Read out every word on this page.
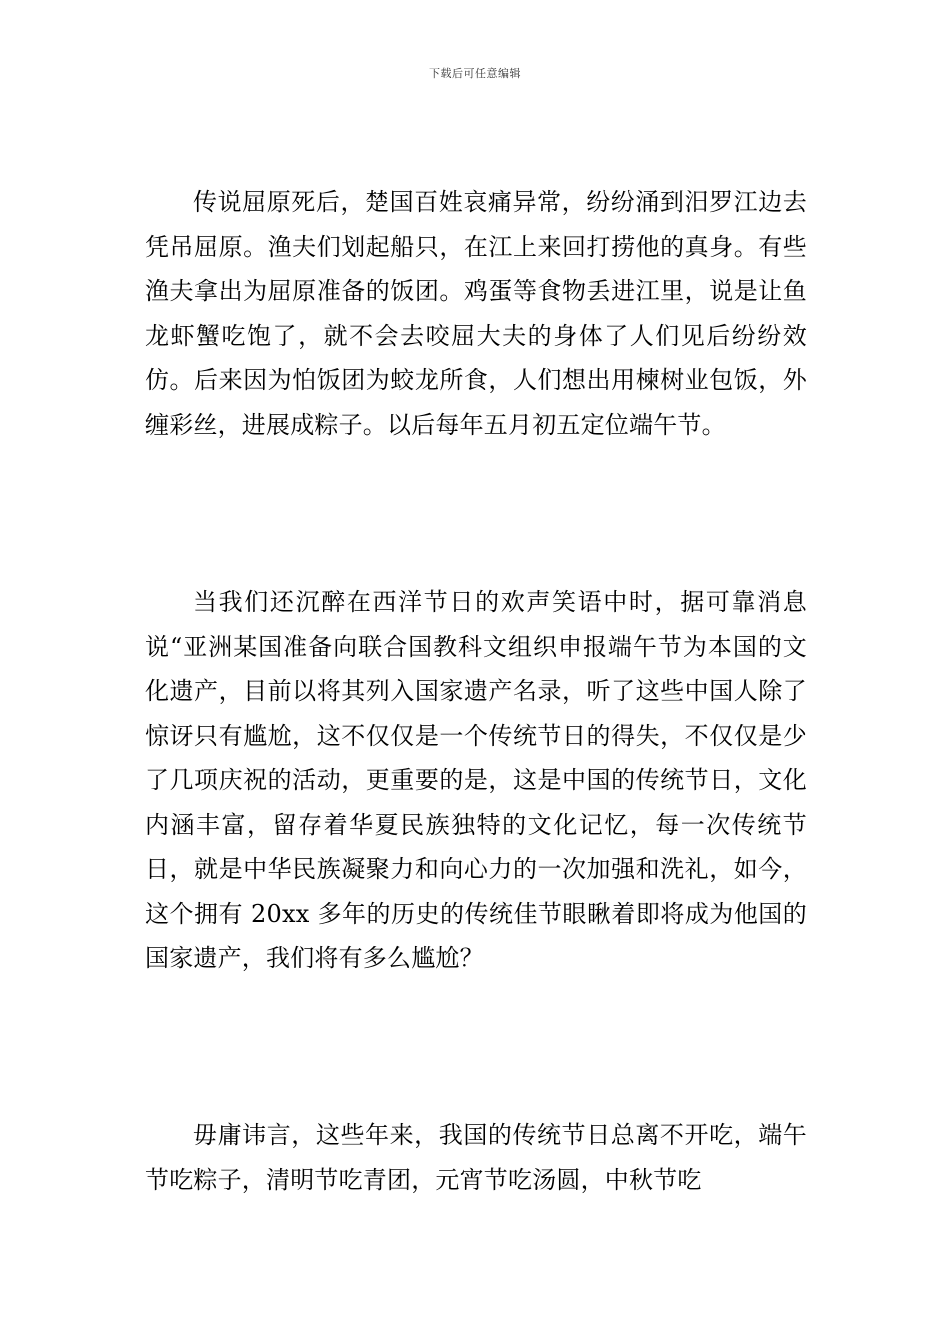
下载后可任意编辑

传说屈原死后，楚国百姓哀痛异常，纷纷涌到汨罗江边去凭吊屈原。渔夫们划起船只，在江上来回打捞他的真身。有些渔夫拿出为屈原准备的饭团。鸡蛋等食物丢进江里，说是让鱼龙虾蟹吃饱了，就不会去咬屈大夫的身体了人们见后纷纷效仿。后来因为怕饭团为蛟龙所食，人们想出用楝树业包饭，外缠彩丝，进展成粽子。以后每年五月初五定位端午节。

当我们还沉醉在西洋节日的欢声笑语中时，据可靠消息说“亚洲某国准备向联合国教科文组织申报端午节为本国的文化遗产，目前以将其列入国家遗产名录，听了这些中国人除了惊讶只有尴尬，这不仅仅是一个传统节日的得失，不仅仅是少了几项庆祝的活动，更重要的是，这是中国的传统节日，文化内涵丰富，留存着华夏民族独特的文化记忆，每一次传统节日，就是中华民族凝聚力和向心力的一次加强和洗礼，如今，这个拥有 20xx 多年的历史的传统佳节眼瞅着即将成为他国的国家遗产，我们将有多么尴尬？

毋庸讳言，这些年来，我国的传统节日总离不开吃，端午节吃粽子，清明节吃青团，元宵节吃汤圆，中秋节吃
